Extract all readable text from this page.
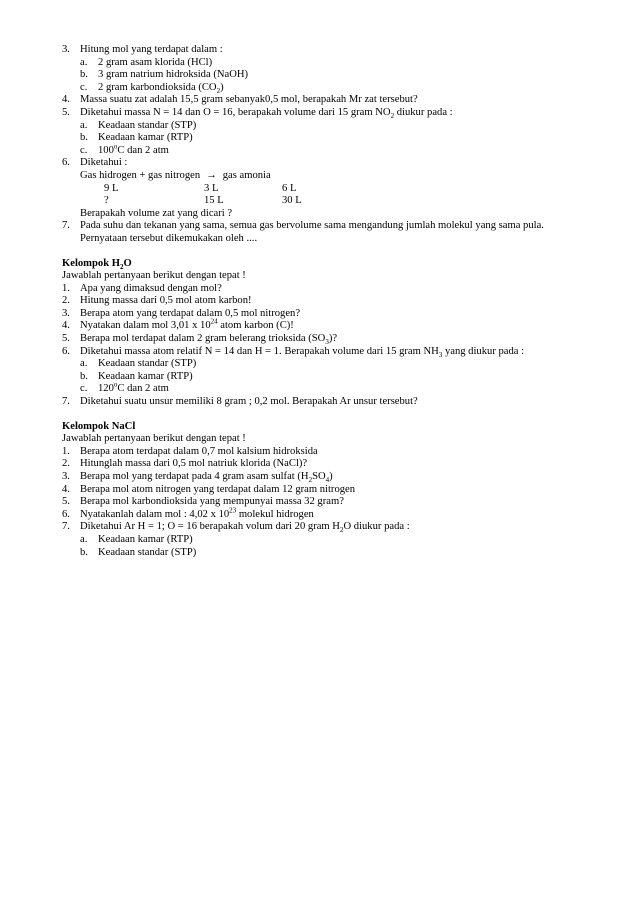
3. Hitung mol yang terdapat dalam :
a.	2 gram asam klorida (HCl)
b. 3 gram natrium hidroksida (NaOH)
c.	2 gram karbondioksida $(CO_2)$
4. Massa suatu zat adalah 15,5 gram sebanyak0,5 mol, berapakah Mr zat tersebut?
5. Diketahui massa N = 14 dan O = 16, berapakah volume dari 15 gram $NO_2$ diukur pada :
a.	Keadaan standar (STP)
b. Keadaan kamar (RTP)
c.	100$^o$C dan 2 atm
6. Diketahui :
Gas hidrogen + gas nitrogen → gas amonia
9 L	3 L	6 L
?	15 L	30 L
Berapakah volume zat yang dicari ?
7. Pada suhu dan tekanan yang sama, semua gas bervolume sama mengandung jumlah molekul yang sama pula. Pernyataan tersebut dikemukakan oleh ....
Kelompok $H_2O$
Jawablah pertanyaan berikut dengan tepat !
1. Apa yang dimaksud dengan mol?
2. Hitung massa dari 0,5 mol atom karbon!
3. Berapa atom yang terdapat dalam 0,5 mol nitrogen?
4. Nyatakan dalam mol 3,01 x $10^{24}$ atom karbon (C)!
5. Berapa mol terdapat dalam 2 gram belerang trioksida $(SO_3)$?
6. Diketahui massa atom relatif N = 14 dan H = 1. Berapakah volume dari 15 gram $NH_3$ yang diukur pada :
a.	Keadaan standar (STP)
b. Keadaan kamar (RTP)
c.	120$^o$C dan 2 atm
7. Diketahui suatu unsur memiliki 8 gram ; 0,2 mol. Berapakah Ar unsur tersebut?
Kelompok NaCl
Jawablah pertanyaan berikut dengan tepat !
1. Berapa atom terdapat dalam 0,7 mol kalsium hidroksida
2. Hitunglah massa dari 0,5 mol natriuk klorida (NaCl)?
3. Berapa mol yang terdapat pada 4 gram asam sulfat $(H_2SO_4)$
4. Berapa mol atom nitrogen yang terdapat dalam 12 gram nitrogen
5. Berapa mol karbondioksida yang mempunyai massa 32 gram?
6. Nyatakanlah dalam mol : 4,02 x $10^{23}$ molekul hidrogen
7. Diketahui Ar H = 1; O = 16 berapakah volum dari 20 gram $H_2O$ diukur pada :
a.	Keadaan kamar (RTP)
b. Keadaan standar (STP)
